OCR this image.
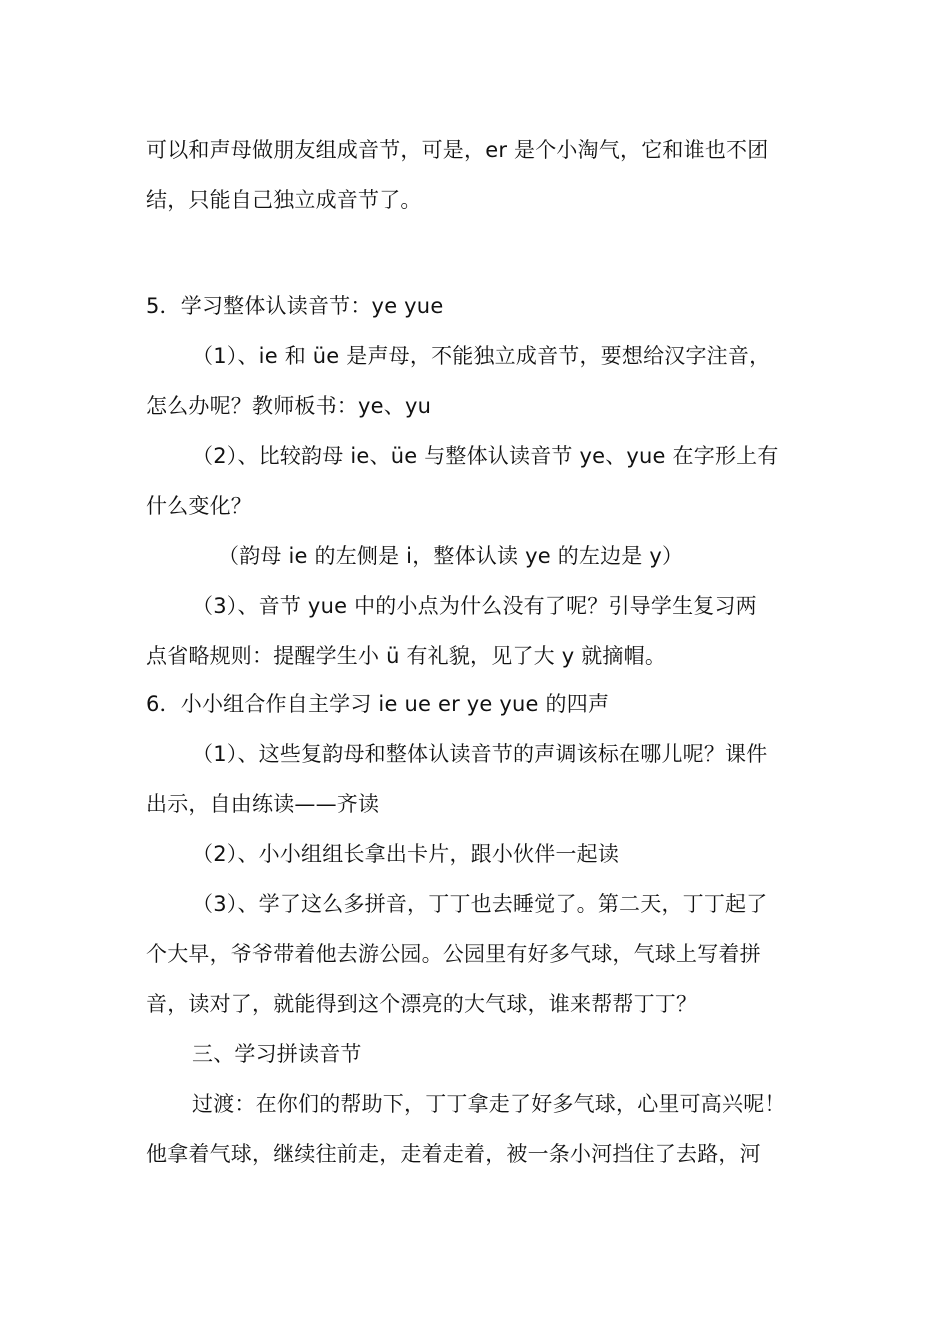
可以和声母做朋友组成音节，可是，er 是个小淘气，它和谁也不团
结，只能自己独立成音节了。
5．学习整体认读音节：ye yue
（1）、ie 和 üe 是声母，不能独立成音节，要想给汉字注音，
怎么办呢？教师板书：ye、yu
（2）、比较韵母 ie、üe 与整体认读音节 ye、yue 在字形上有
什么变化？
（韵母 ie 的左侧是 i，整体认读 ye 的左边是 y）
（3）、音节 yue 中的小点为什么没有了呢？引导学生复习两
点省略规则：提醒学生小 ü 有礼貌，见了大 y 就摘帽。
6．小小组合作自主学习 ie ue er ye yue 的四声
（1）、这些复韵母和整体认读音节的声调该标在哪儿呢？课件
出示，自由练读——齐读
（2）、小小组组长拿出卡片，跟小伙伴一起读
（3）、学了这么多拼音，丁丁也去睡觉了。第二天，丁丁起了
个大早，爷爷带着他去游公园。公园里有好多气球，气球上写着拼
音，读对了，就能得到这个漂亮的大气球，谁来帮帮丁丁？
三、学习拼读音节
过渡：在你们的帮助下，丁丁拿走了好多气球，心里可高兴呢！
他拿着气球，继续往前走，走着走着，被一条小河挡住了去路，河
